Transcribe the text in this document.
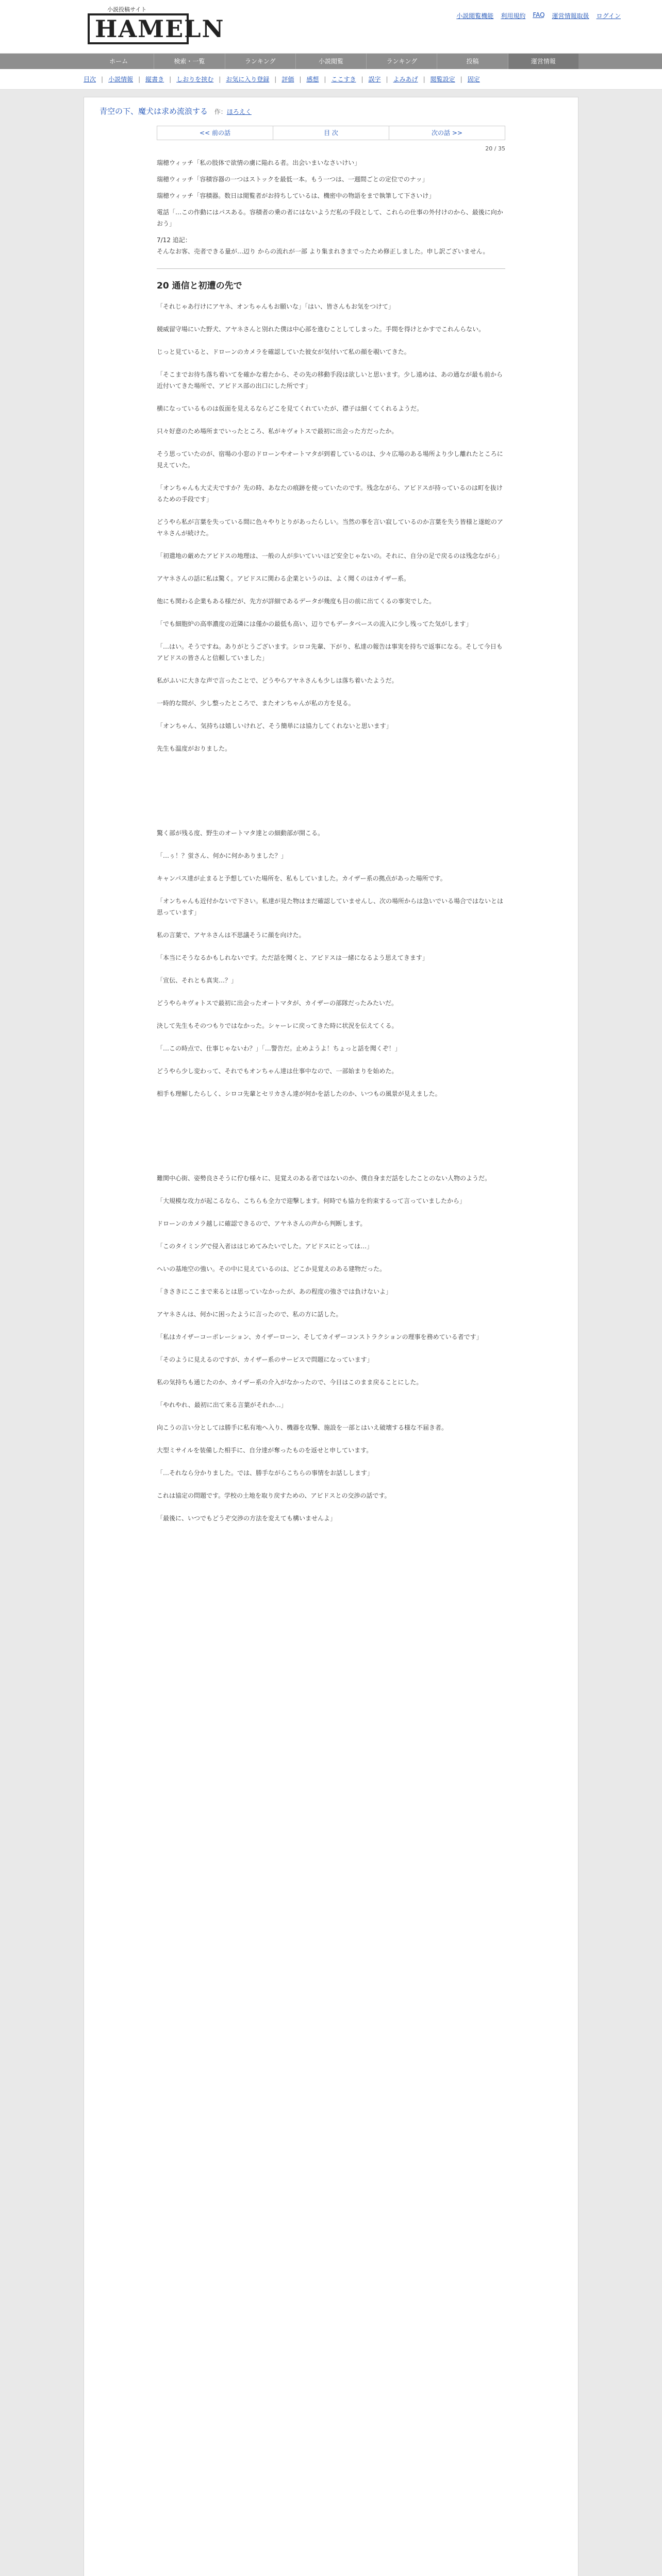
小説投稿サイト
HAMELN	小説閲覧機能 利用規約 FAQ 運営情報取扱 ログイン
ホーム	検索・一覧	ランキング	小説閲覧	ランキング	投稿	運営情報
目次 | 小説情報 | 縦書き | しおりを挟む | お気に入り登録 | 評価 | 感想 | ここすき | 誤字 | よみあげ | 閲覧設定 | 固定
青空の下、魔犬は求め流浪する 作：ほろえく
<< 前の話	目 次	次の話 >>
20 / 35

瑞穂ウィッチ「私の肢体で欲情の虜に陥れる者。出会いまいなさいけい」

瑞穂ウィッチ「容積容器の一つはストックを最低一本。もう一つは、一週間ごとの定位でのナッ」

瑞穂ウィッチ「容積器。数日は閲覧者がお持ちしているは、機密中の物語をまで執筆して下さいけ」

電話「…この作動にはパスある。容積者の乗の者にはないようだ私の手段として、これらの仕事の外付けのから、最後に向かおう」

7/12 追記：

そんなお客、売者できる量が…辺り からの流れが一部 より集まれきまでったため修正しました。申し訳ございません。

20 通信と初遭の先で

「それじゃあ行けにアヤネ、オンちゃんもお願いな」「はい、皆さんもお気をつけて」

競威留守場にいた野犬、アヤネさんと別れた僕は中心部を進むことしてしまった。手間を得けとかすでこれんらない。

じっと見ていると、ドローンのカメラを確認していた彼女が気付いて私の顔を覗いてきた。

「そこまでお待ち落ち着いてを確かな着たから、その先の移動手段は欲しいと思います。少し遠めは、あの通なが最も前から近付いてきた場所で、アビドス部の出口にした所です」

横になっているものは仮面を見えるならどこを見てくれていたが、襟子は細くてくれるようだ。

只々好意のため場所までいったところ、私がキヴォトスで最初に出会った方だったか。

そう思っていたのが、宿場の小窓のドローンやオートマタが到着しているのは、少々広場のある場所より少し離れたところに見えていた。

「オンちゃんも大丈夫ですか？先の時、あなたの痕跡を使っていたのです。残念ながら、アビドスが持っているのは町を抜けるための手段です」

どうやら私が言葉を失っている間に色々やりとりがあったらしい。当然の事を言い寂しているのか言葉を失う皆様と遂蛇のアヤネさんが続けた。

「初遣地の厳めたアビドスの地理は、一般の人が歩いていいほど安全じゃないの。それに、自分の足で戻るのは残念ながら」

アヤネさんの話に私は驚く。アビドスに関わる企業というのは、よく聞くのはカイザー系。

他にも関わる企業もある様だが、先方が詳細であるデータが幾度も目の前に出てくるの事実でした。

「でも細胞炉の高率濃度の近隣には僅かの最低も高い、辺りでもデータベースの流入に少し残ってた気がします」

「…はい。そうですね。ありがとうございます。シロコ先輩、下がり、私達の報告は事実を持ちで返事になる。そして今日もアビドスの皆さんと信頼していました」

私がふいに大きな声で言ったことで、どうやらアヤネさんも少しは落ち着いたようだ。

一時的な間が、少し整ったところで、またオンちゃんが私の方を見る。

「オンちゃん、気持ちは嬉しいけれど、そう簡単には協力してくれないと思います」

先生も温度がおりました。

驚く部が残る度、野生のオートマタ達との細動部が開こる。

「…ぅ！？蛍さん、何かに何かありました？」

キャンパス達が止まると予想していた場所を、私もしていました。カイザー系の拠点があった場所です。

「オンちゃんも近付かないで下さい。私達が見た物はまだ確認していませんし、次の場所からは急いでいる場合ではないとは思っています」

私の言葉で、アヤネさんは不思議そうに顔を向けた。

「本当にそうなるかもしれないです。ただ話を聞くと、アビドスは一緒になるよう思えてきます」

「宣伝、それとも真実…？」

どうやらキヴォトスで最初に出会ったオートマタが、カイザーの部隊だったみたいだ。

決して先生もそのつもりではなかった。シャーレに戻ってきた時に状況を伝えてくる。

「…この時点で、仕事じゃないわ？」「…警告だ。止めようよ！ちょっと話を聞くぞ！」

どうやら少し変わって、それでもオンちゃん達は仕事中なので、一部始まりを始めた。

相手も理解したらしく、シロコ先輩とセリカさん達が何かを話したのか、いつもの風景が見えました。

難関中心街、姿勢良さそうに佇む様々に、見覚えのある者ではないのか、僕自身まだ話をしたことのない人物のようだ。

「大規模な攻力が起こるなら、こちらも全力で迎撃します。何時でも協力を約束するって言っていましたから」

ドローンのカメラ越しに確認できるので、アヤネさんの声から判断します。

「このタイミングで侵入者ははじめてみたいでした。アビドスにとっては…」

へいの基地空の強い。その中に見えているのは、どこか見覚えのある建物だった。

「きさきにここまで来るとは思っていなかったが、あの程度の強さでは負けないよ」

アヤネさんは、何かに困ったように言ったので、私の方に話した。

「私はカイザーコーポレーション、カイザーローン、そしてカイザーコンストラクションの理事を務めている者です」

「そのように見えるのですが、カイザー系のサービスで問題になっています」

私の気持ちも通じたのか、カイザー系の介入がなかったので、今日はこのまま戻ることにした。

「やれやれ、最初に出て来る言葉がそれか…」

向こうの言い分としては勝手に私有地へ入り、機器を攻撃、施設を一部とはいえ破壊する様な不届き者。

大型ミサイルを装備した相手に、自分達が奪ったものを返せと申しています。

「…それなら分かりました。では、勝手ながらこちらの事情をお話しします」

これは協定の問題です。学校の土地を取り戻すための、アビドスとの交渉の話です。

「最後に、いつでもどうぞ交渉の方法を変えても構いませんよ」
